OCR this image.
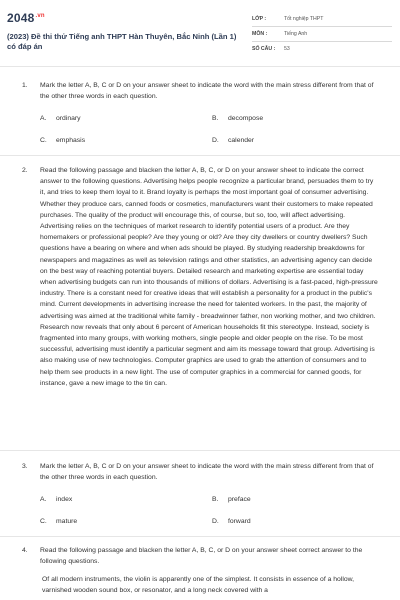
$2048^{.vn}$
(2023) Đề thi thử Tiếng anh THPT Hàn Thuyên, Bắc Ninh (Lần 1) có đáp án
LỚP :	Tốt nghiệp THPT
MÔN :	Tiếng Anh
SỐ CÂU :	53
1. Mark the letter A, B, C or D on your answer sheet to indicate the word with the main stress different from that of the other three words in each question.
A. ordinary	B. decompose
C. emphasis	D. calender
2. Read the following passage and blacken the letter A, B, C, or D on your answer sheet to indicate the correct answer to the following questions. Advertising helps people recognize a particular brand, persuades them to try it, and tries to keep them loyal to it. Brand loyalty is perhaps the most important goal of consumer advertising. Whether they produce cars, canned foods or cosmetics, manufacturers want their customers to make repeated purchases. The quality of the product will encourage this, of course, but so, too, will affect advertising. Advertising relies on the techniques of market research to identify potential users of a product. Are they homemakers or professional people? Are they young or old? Are they city dwellers or country dwellers? Such questions have a bearing on where and when ads should be played. By studying readership breakdowns for newspapers and magazines as well as television ratings and other statistics, an advertising agency can decide on the best way of reaching potential buyers. Detailed research and marketing expertise are essential today when advertising budgets can run into thousands of millions of dollars. Advertising is a fast-paced, high-pressure industry. There is a constant need for creative ideas that will establish a personality for a product in the public's mind. Current developments in advertising increase the need for talented workers. In the past, the majority of advertising was aimed at the traditional white family - breadwinner father, non working mother, and two children. Research now reveals that only about 6 percent of American households fit this stereotype. Instead, society is fragmented into many groups, with working mothers, single people and older people on the rise. To be most successful, advertising must identify a particular segment and aim its message toward that group. Advertising is also making use of new technologies. Computer graphics are used to grab the attention of consumers and to help them see products in a new light. The use of computer graphics in a commercial for canned goods, for instance, gave a new image to the tin can.
3. Mark the letter A, B, C or D on your answer sheet to indicate the word with the main stress different from that of the other three words in each question.
A. index	B. preface
C. mature	D. forward
4. Read the following passage and blacken the letter A, B, C, or D on your answer sheet correct answer to the following questions.
Of all modern instruments, the violin is apparently one of the simplest. It consists in essence of a hollow, varnished wooden sound box, or resonator, and a long neck covered with a
